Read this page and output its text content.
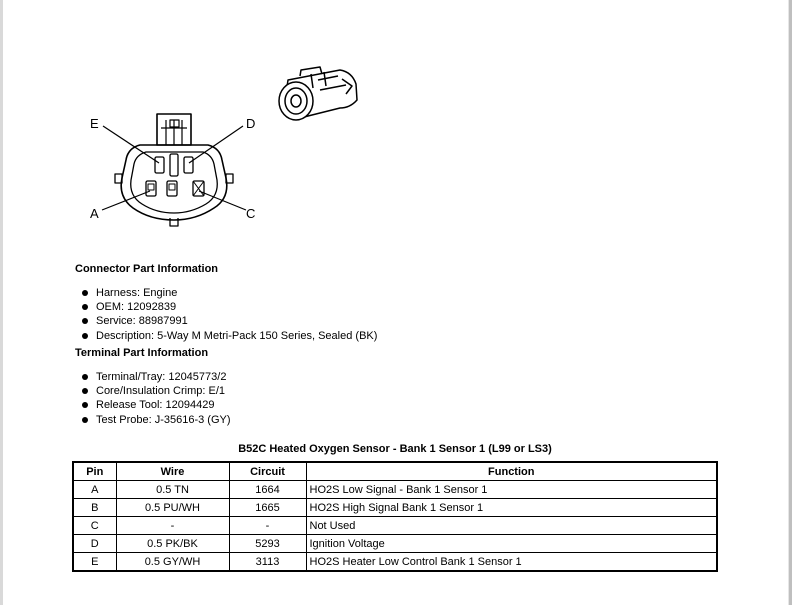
E	D
A	C
Connector Part Information
Harness: Engine
OEM: 12092839
Service: 88987991
Description: 5-Way M Metri-Pack 150 Series, Sealed (BK)
Terminal Part Information
Terminal/Tray: 12045773/2
Core/Insulation Crimp: E/1
Release Tool: 12094429
Test Probe: J-35616-3 (GY)
B52C Heated Oxygen Sensor - Bank 1 Sensor 1 (L99 or LS3)
Pin	Wire	Circuit	Function
A	0.5 TN	1664	HO2S Low Signal - Bank 1 Sensor 1
B	0.5 PU/WH	1665	HO2S High Signal Bank 1 Sensor 1
C	-	-	Not Used
D	0.5 PK/BK	5293	Ignition Voltage
E	0.5 GY/WH	3113	HO2S Heater Low Control Bank 1 Sensor 1
